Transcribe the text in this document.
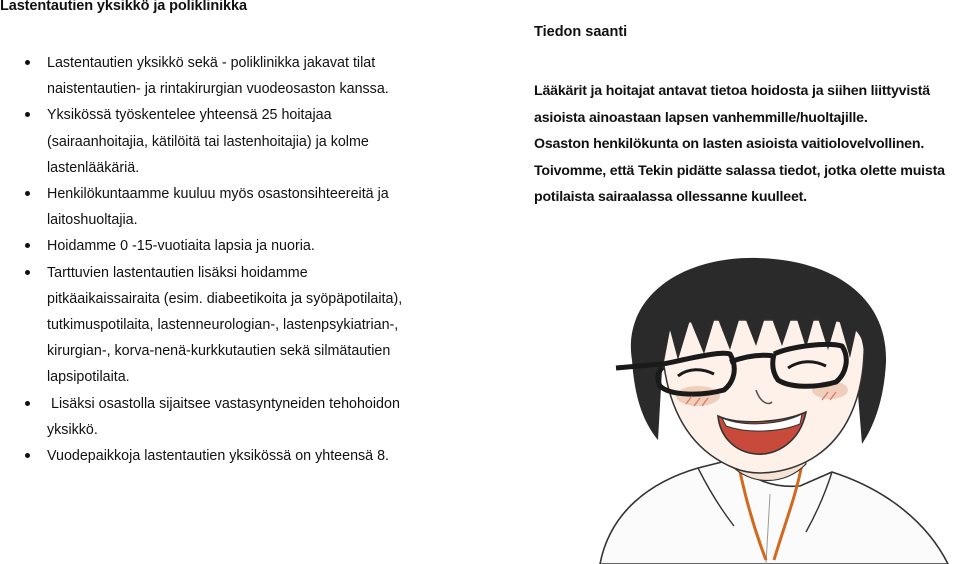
Lastentautien yksikkö ja poliklinikka
Lastentautien yksikkö sekä - poliklinikka jakavat tilat
naistentautien- ja rintakirurgian vuodeosaston kanssa.
Yksikössä työskentelee yhteensä 25 hoitajaa
(sairaanhoitajia, kätilöitä tai lastenhoitajia) ja kolme
lastenlääkäriä.
Henkilökuntaamme kuuluu myös osastonsihteereitä ja
laitoshuoltajia.
Hoidamme 0 -15-vuotiaita lapsia ja nuoria.
Tarttuvien lastentautien lisäksi hoidamme
pitkäaikaissairaita (esim. diabeetikoita ja syöpäpotilaita),
tutkimuspotilaita, lastenneurologian-, lastenpsykiatrian-,
kirurgian-, korva-nenä-kurkkutautien sekä silmätautien
lapsipotilaita.
Lisäksi osastolla sijaitsee vastasyntyneiden tehohoidon
yksikkö.
Vuodepaikkoja lastentautien yksikössä on yhteensä 8.
Tiedon saanti
Lääkärit ja hoitajat antavat tietoa hoidosta ja siihen liittyvistä
asioista ainoastaan lapsen vanhemmille/huoltajille.
Osaston henkilökunta on lasten asioista vaitiolovelvollinen.
Toivomme, että Tekin pidätte salassa tiedot, jotka olette muista
potilaista sairaalassa ollessanne kuulleet.
